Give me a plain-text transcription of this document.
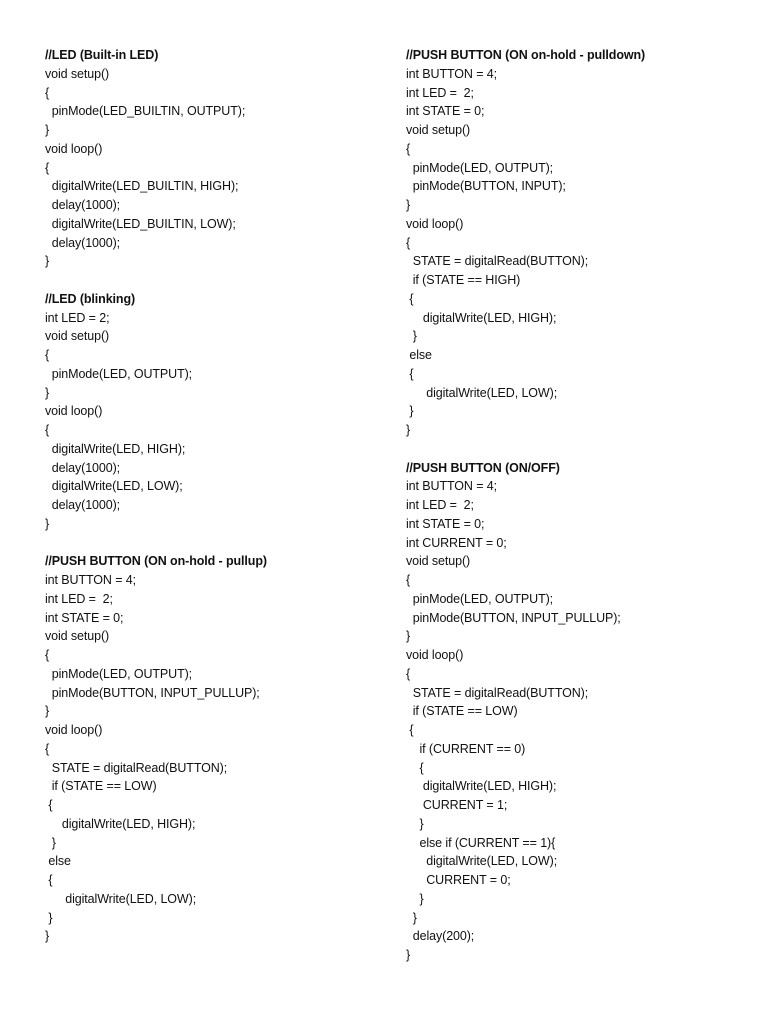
//LED (Built-in LED)
void setup()
{
pinMode(LED_BUILTIN, OUTPUT);
}
void loop()
{
digitalWrite(LED_BUILTIN, HIGH);
delay(1000);
digitalWrite(LED_BUILTIN, LOW);
delay(1000);
}
//LED (blinking)
int LED = 2;
void setup()
{
pinMode(LED, OUTPUT);
}
void loop()
{
digitalWrite(LED, HIGH);
delay(1000);
digitalWrite(LED, LOW);
delay(1000);
}
//PUSH BUTTON (ON on-hold - pullup)
int BUTTON = 4;
int LED =  2;
int STATE = 0;
void setup()
{
pinMode(LED, OUTPUT);
pinMode(BUTTON, INPUT_PULLUP);
}
void loop()
{
STATE = digitalRead(BUTTON);
if (STATE == LOW)
{
digitalWrite(LED, HIGH);
}
else
{
digitalWrite(LED, LOW);
}
}
//PUSH BUTTON (ON on-hold - pulldown)
int BUTTON = 4;
int LED =  2;
int STATE = 0;
void setup()
{
pinMode(LED, OUTPUT);
pinMode(BUTTON, INPUT);
}
void loop()
{
STATE = digitalRead(BUTTON);
if (STATE == HIGH)
{
digitalWrite(LED, HIGH);
}
else
{
digitalWrite(LED, LOW);
}
}
//PUSH BUTTON (ON/OFF)
int BUTTON = 4;
int LED =  2;
int STATE = 0;
int CURRENT = 0;
void setup()
{
pinMode(LED, OUTPUT);
pinMode(BUTTON, INPUT_PULLUP);
}
void loop()
{
STATE = digitalRead(BUTTON);
if (STATE == LOW)
{
if (CURRENT == 0)
{
digitalWrite(LED, HIGH);
CURRENT = 1;
}
else if (CURRENT == 1){
digitalWrite(LED, LOW);
CURRENT = 0;
}
}
delay(200);
}
